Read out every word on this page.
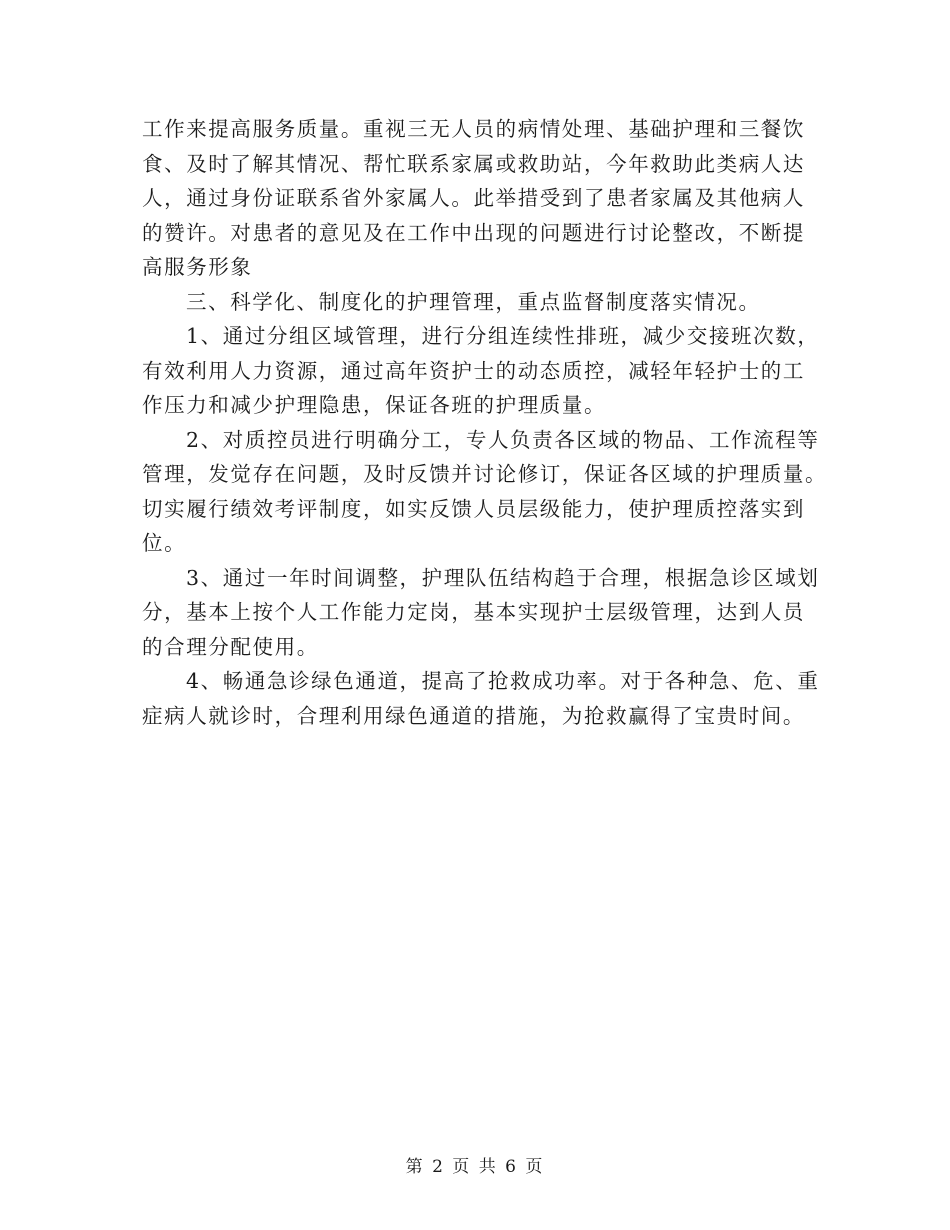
工作来提高服务质量。重视三无人员的病情处理、基础护理和三餐饮
食、及时了解其情况、帮忙联系家属或救助站，今年救助此类病人达
人，通过身份证联系省外家属人。此举措受到了患者家属及其他病人
的赞许。对患者的意见及在工作中出现的问题进行讨论整改，不断提
高服务形象
三、科学化、制度化的护理管理，重点监督制度落实情况。
1、通过分组区域管理，进行分组连续性排班，减少交接班次数，
有效利用人力资源，通过高年资护士的动态质控，减轻年轻护士的工
作压力和减少护理隐患，保证各班的护理质量。
2、对质控员进行明确分工，专人负责各区域的物品、工作流程等
管理，发觉存在问题，及时反馈并讨论修订，保证各区域的护理质量。
切实履行绩效考评制度，如实反馈人员层级能力，使护理质控落实到
位。
3、通过一年时间调整，护理队伍结构趋于合理，根据急诊区域划
分，基本上按个人工作能力定岗，基本实现护士层级管理，达到人员
的合理分配使用。
4、畅通急诊绿色通道，提高了抢救成功率。对于各种急、危、重
症病人就诊时，合理利用绿色通道的措施，为抢救赢得了宝贵时间。
第 2 页 共 6 页
